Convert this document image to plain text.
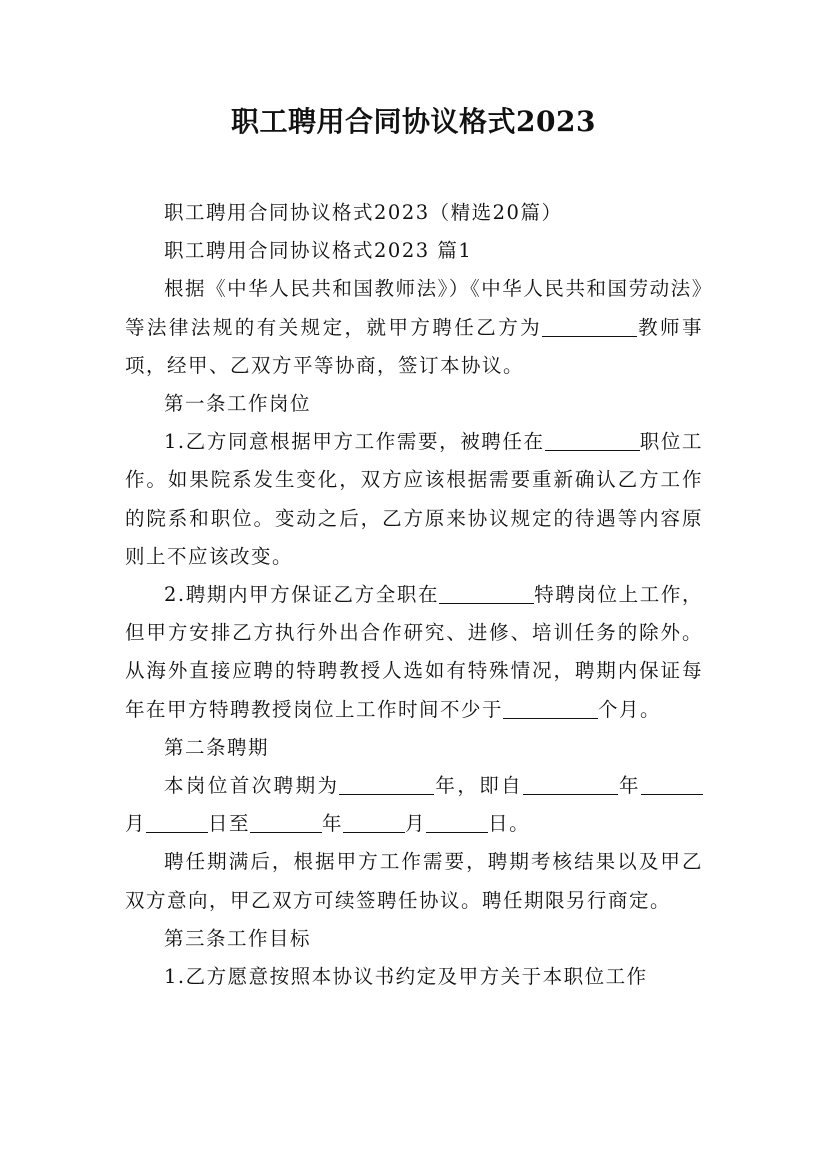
职工聘用合同协议格式2023

职工聘用合同协议格式2023（精选20篇）

职工聘用合同协议格式2023 篇1

根据《中华人民共和国教师法》）《中华人民共和国劳动法》等法律法规的有关规定，就甲方聘任乙方为	教师事项，经甲、乙双方平等协商，签订本协议。

第一条工作岗位

1.乙方同意根据甲方工作需要，被聘任在	职位工作。如果院系发生变化，双方应该根据需要重新确认乙方工作的院系和职位。变动之后，乙方原来协议规定的待遇等内容原则上不应该改变。

2.聘期内甲方保证乙方全职在	特聘岗位上工作，但甲方安排乙方执行外出合作研究、进修、培训任务的除外。从海外直接应聘的特聘教授人选如有特殊情况，聘期内保证每年在甲方特聘教授岗位上工作时间不少于	个月。

第二条聘期

本岗位首次聘期为	年，即自	年月	日至	年	月	日。

聘任期满后，根据甲方工作需要，聘期考核结果以及甲乙双方意向，甲乙双方可续签聘任协议。聘任期限另行商定。

第三条工作目标

1.乙方愿意按照本协议书约定及甲方关于本职位工作
